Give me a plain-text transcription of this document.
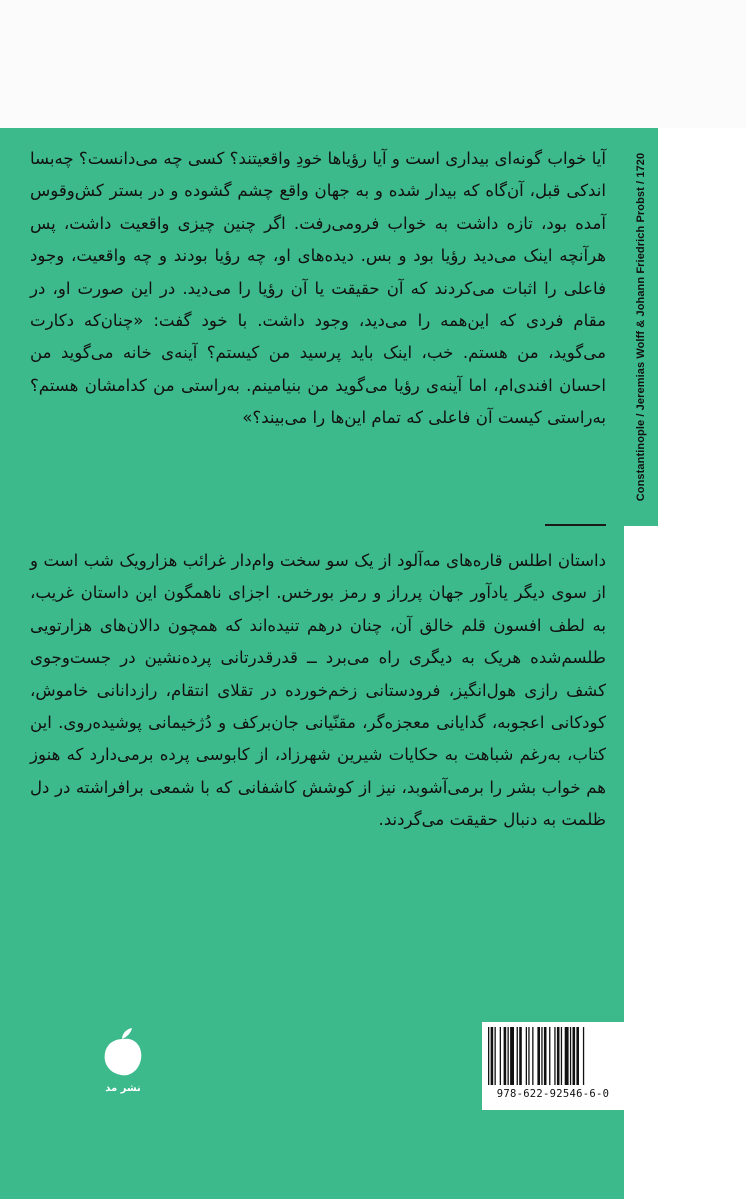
Constantinople / Jeremias Wolff & Johann Friedrich Probst / 1720
آیا خواب گونه‌ای بیداری است و آیا رؤیاها خودِ واقعیتند؟ کسی چه می‌دانست؟ چه‌بسا اندکی قبل، آن‌گاه که بیدار شده و به جهان واقع چشم گشوده و در بستر کش‌وقوس آمده بود، تازه داشت به خواب فرومی‌رفت. اگر چنین چیزی واقعیت داشت، پس هرآنچه اینک می‌دید رؤیا بود و بس. دیده‌های او، چه رؤیا بودند و چه واقعیت، وجود فاعلی را اثبات می‌کردند که آن حقیقت یا آن رؤیا را می‌دید. در این صورت او، در مقام فردی که این‌همه را می‌دید، وجود داشت. با خود گفت: «چنان‌که دکارت می‌گوید، من هستم. خب، اینک باید پرسید من کیستم؟ آینه‌ی خانه می‌گوید من احسان افندی‌ام، اما آینه‌ی رؤیا می‌گوید من بنیامینم. به‌راستی من کدامشان هستم؟ به‌راستی کیست آن فاعلی که تمام این‌ها را می‌بیند؟»
داستان اطلس قاره‌های مه‌آلود از یک سو سخت وام‌دار غرائب هزارویک شب است و از سوی دیگر یادآور جهان پرراز و رمز بورخس. اجزای ناهمگون این داستان غریب، به لطف افسون قلم خالق آن، چنان درهم تنیده‌اند که همچون دالان‌های هزارتویی طلسم‌شده هریک به دیگری راه می‌برد ــ قدرقدرتانی پرده‌نشین در جست‌وجوی کشف رازی هول‌انگیز، فرودستانی زخم‌خورده در تقلای انتقام، رازدانانی خاموش، کودکانی اعجوبه، گدایانی معجزه‌گر، مقنّیانی جان‌برکف و دُژخیمانی پوشیده‌روی. این کتاب، به‌رغم شباهت به حکایات شیرین شهرزاد، از کابوسی پرده برمی‌دارد که هنوز هم خواب بشر را برمی‌آشوبد، نیز از کوشش کاشفانی که با شمعی برافراشته در دل ظلمت به دنبال حقیقت می‌گردند.
نشر مد	978-622-92546-6-0
